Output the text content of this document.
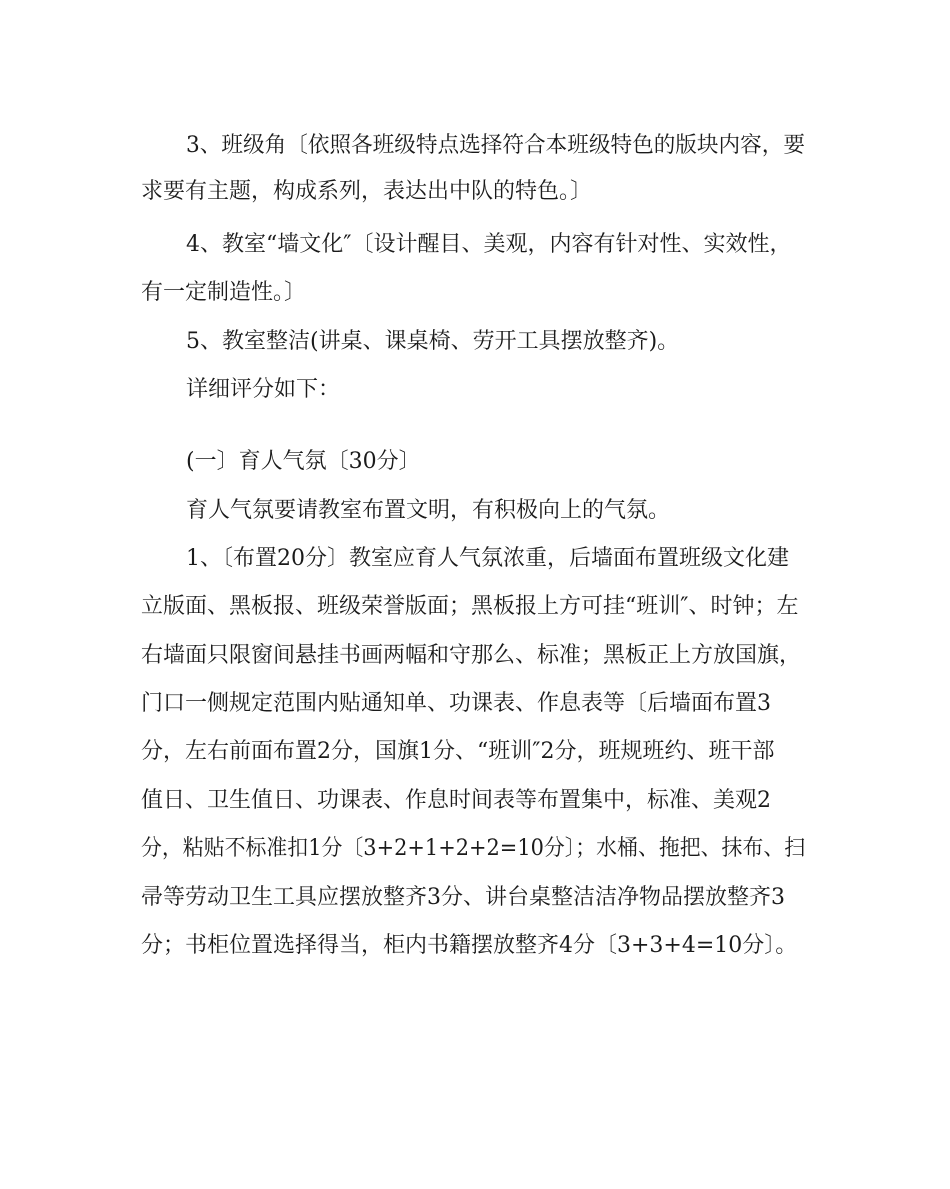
3、班级角〔依照各班级特点选择符合本班级特色的版块内容，要
求要有主题，构成系列，表达出中队的特色。〕
4、教室“墙文化″〔设计醒目、美观，内容有针对性、实效性，
有一定制造性。〕
5、教室整洁(讲桌、课桌椅、劳开工具摆放整齐)。
详细评分如下：
(一〕育人气氛〔30分〕
育人气氛要请教室布置文明，有积极向上的气氛。
1、〔布置20分〕教室应育人气氛浓重，后墙面布置班级文化建
立版面、黑板报、班级荣誉版面；黑板报上方可挂“班训″、时钟；左
右墙面只限窗间悬挂书画两幅和守那么、标准；黑板正上方放国旗，
门口一侧规定范围内贴通知单、功课表、作息表等〔后墙面布置3
分，左右前面布置2分，国旗1分、“班训″2分，班规班约、班干部
值日、卫生值日、功课表、作息时间表等布置集中，标准、美观2
分，粘贴不标准扣1分〔3+2+1+2+2=10分〕；水桶、拖把、抹布、扫
帚等劳动卫生工具应摆放整齐3分、讲台桌整洁洁净物品摆放整齐3
分；书柜位置选择得当，柜内书籍摆放整齐4分〔3+3+4=10分〕。
